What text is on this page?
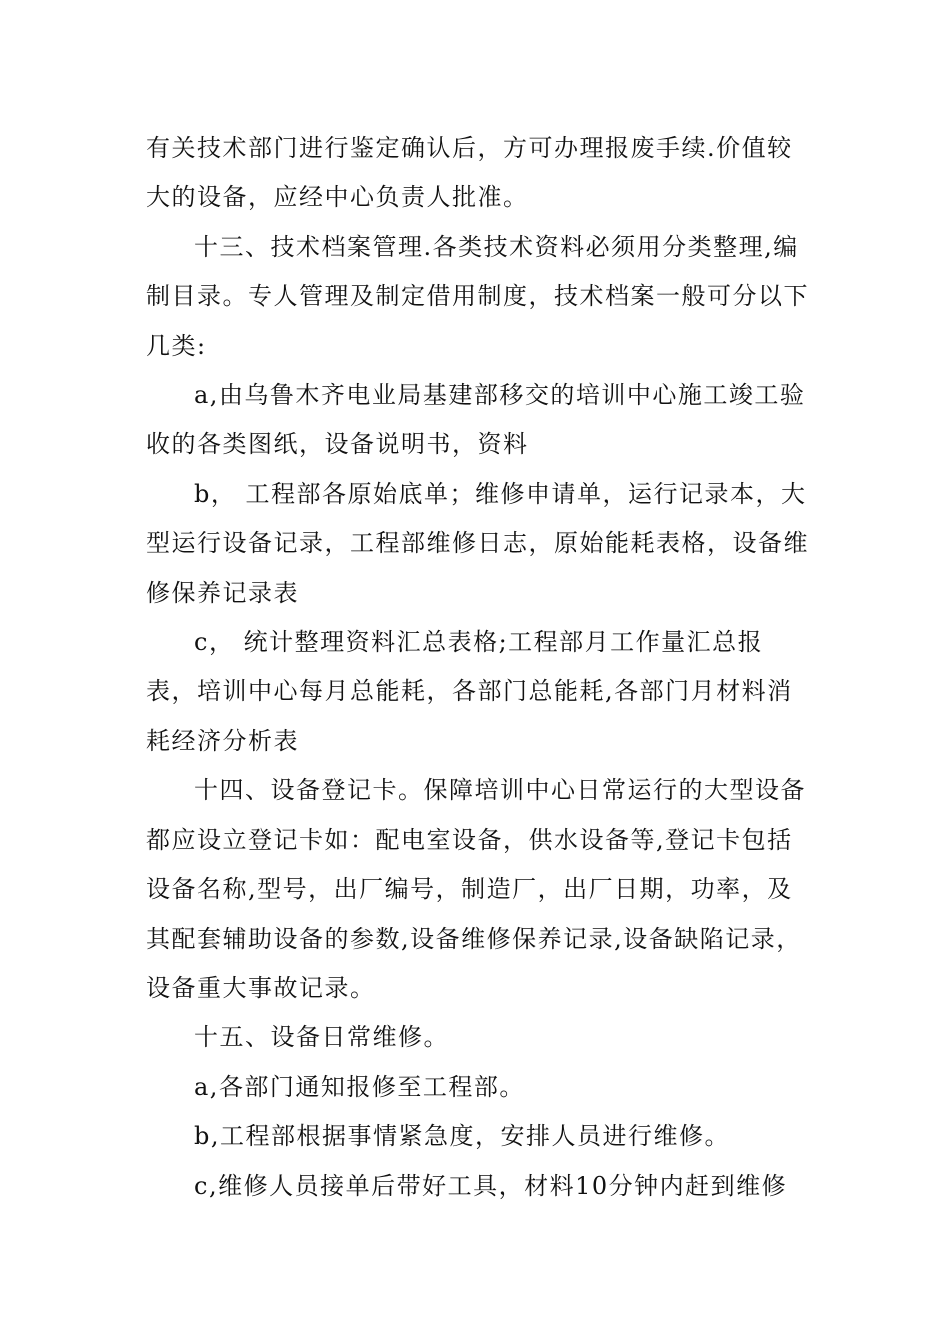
有关技术部门进行鉴定确认后，方可办理报废手续.价值较大的设备，应经中心负责人批准。

十三、技术档案管理.各类技术资料必须用分类整理,编制目录。专人管理及制定借用制度，技术档案一般可分以下几类:

a,由乌鲁木齐电业局基建部移交的培训中心施工竣工验收的各类图纸，设备说明书，资料

b， 工程部各原始底单；维修申请单，运行记录本，大型运行设备记录，工程部维修日志，原始能耗表格，设备维修保养记录表

c， 统计整理资料汇总表格;工程部月工作量汇总报表，培训中心每月总能耗，各部门总能耗,各部门月材料消耗经济分析表

十四、设备登记卡。保障培训中心日常运行的大型设备都应设立登记卡如：配电室设备，供水设备等,登记卡包括设备名称,型号，出厂编号，制造厂，出厂日期，功率，及其配套辅助设备的参数,设备维修保养记录,设备缺陷记录，设备重大事故记录。

十五、设备日常维修。

a,各部门通知报修至工程部。

b,工程部根据事情紧急度，安排人员进行维修。

c,维修人员接单后带好工具，材料10分钟内赶到维修
